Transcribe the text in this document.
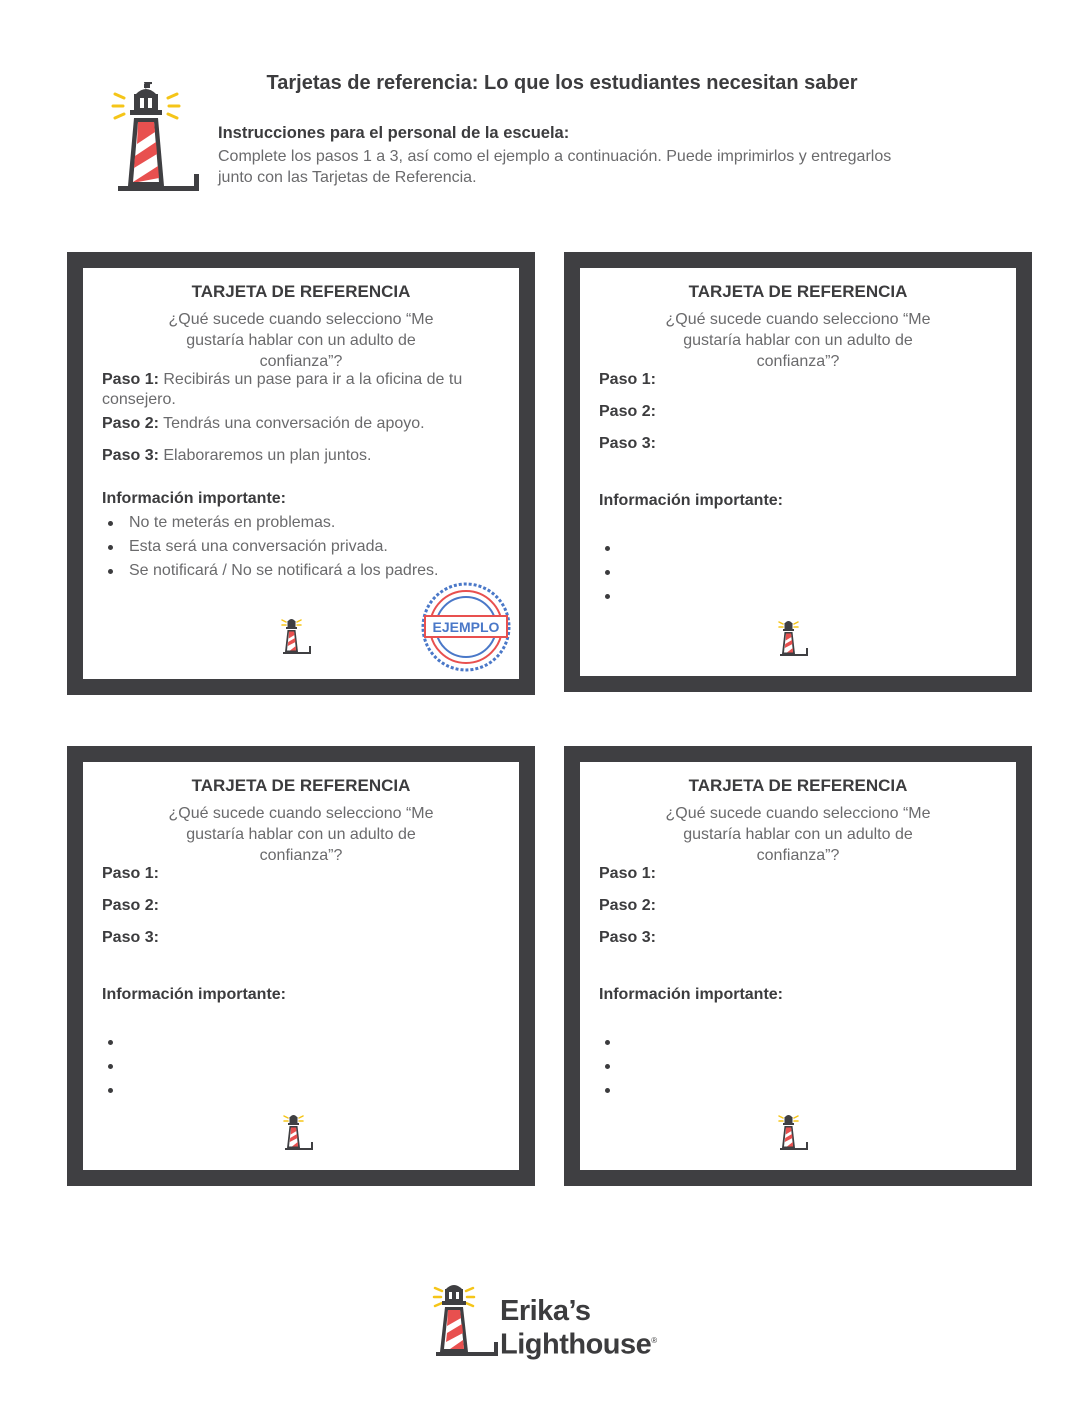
Tarjetas de referencia: Lo que los estudiantes necesitan saber
Instrucciones para el personal de la escuela:
Complete los pasos 1 a 3, así como el ejemplo a continuación. Puede imprimirlos y entregarlos junto con las Tarjetas de Referencia.
TARJETA DE REFERENCIA
¿Qué sucede cuando selecciono “Me gustaría hablar con un adulto de confianza”?
Paso 1: Recibirás un pase para ir a la oficina de tu consejero.
Paso 2: Tendrás una conversación de apoyo.
Paso 3: Elaboraremos un plan juntos.
Información importante:
No te meterás en problemas.
Esta será una conversación privada.
Se notificará / No se notificará a los padres.
EJEMPLO
TARJETA DE REFERENCIA
¿Qué sucede cuando selecciono “Me gustaría hablar con un adulto de confianza”?
Paso 1:
Paso 2:
Paso 3:
Información importante:
TARJETA DE REFERENCIA
¿Qué sucede cuando selecciono “Me gustaría hablar con un adulto de confianza”?
Paso 1:
Paso 2:
Paso 3:
Información importante:
TARJETA DE REFERENCIA
¿Qué sucede cuando selecciono “Me gustaría hablar con un adulto de confianza”?
Paso 1:
Paso 2:
Paso 3:
Información importante:
Erika’s
Lighthouse®
